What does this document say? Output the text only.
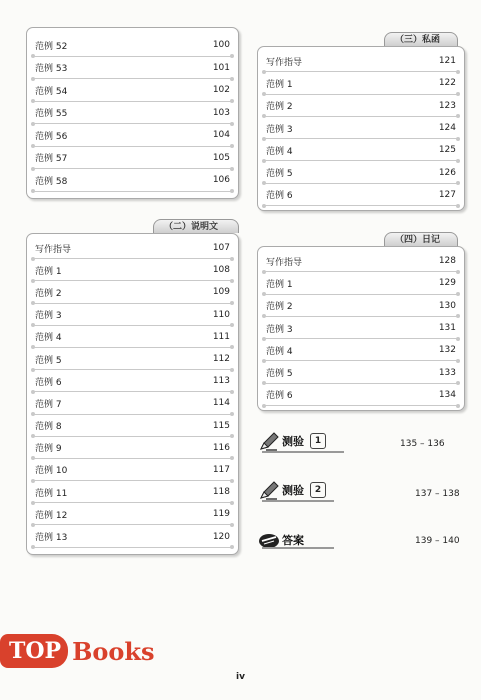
范例 52	100
范例 53	101
范例 54	102
范例 55	103
范例 56	104
范例 57	105
范例 58	106
（二）说明文
写作指导	107
范例 1	108
范例 2	109
范例 3	110
范例 4	111
范例 5	112
范例 6	113
范例 7	114
范例 8	115
范例 9	116
范例 10	117
范例 11	118
范例 12	119
范例 13	120
（三）私函
写作指导	121
范例 1	122
范例 2	123
范例 3	124
范例 4	125
范例 5	126
范例 6	127
（四）日记
写作指导	128
范例 1	129
范例 2	130
范例 3	131
范例 4	132
范例 5	133
范例 6	134
测验	1	135 – 136
测验	2	137 – 138
答案	139 – 140
TOP Books
iv
